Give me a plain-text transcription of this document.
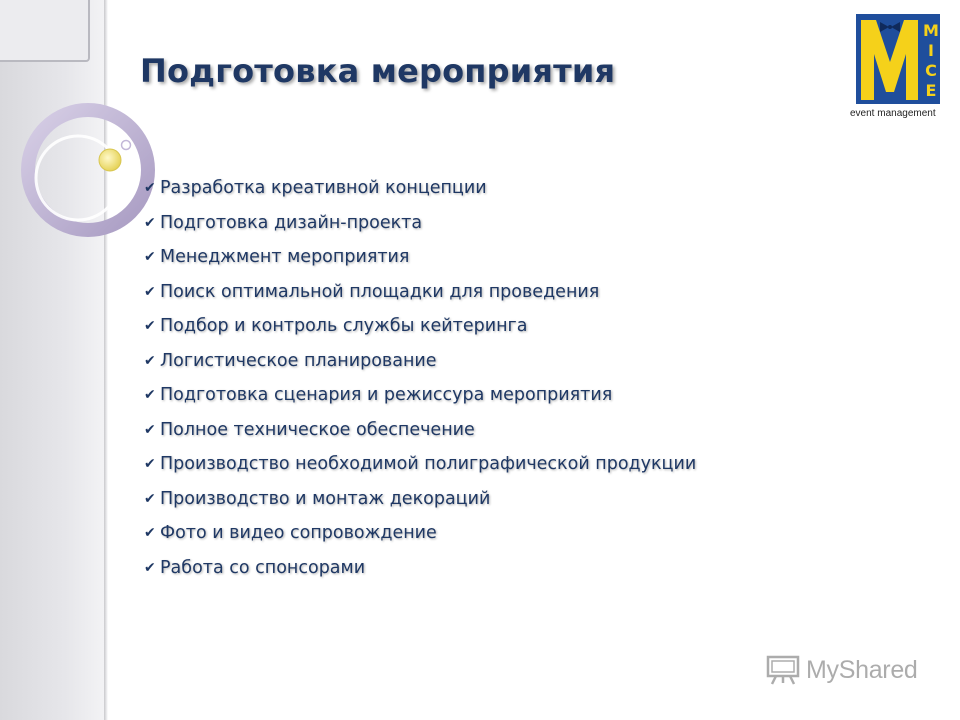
Подготовка мероприятия
✔ Разработка креативной концепции
✔ Подготовка дизайн-проекта
✔ Менеджмент мероприятия
✔ Поиск оптимальной площадки для проведения
✔ Подбор и контроль службы кейтеринга
✔ Логистическое планирование
✔ Подготовка сценария и режиссура мероприятия
✔ Полное техническое обеспечение
✔ Производство необходимой полиграфической продукции
✔ Производство и монтаж декораций
✔ Фото и видео сопровождение
✔ Работа со спонсорами
M
I
C
E
event management
MyShared
